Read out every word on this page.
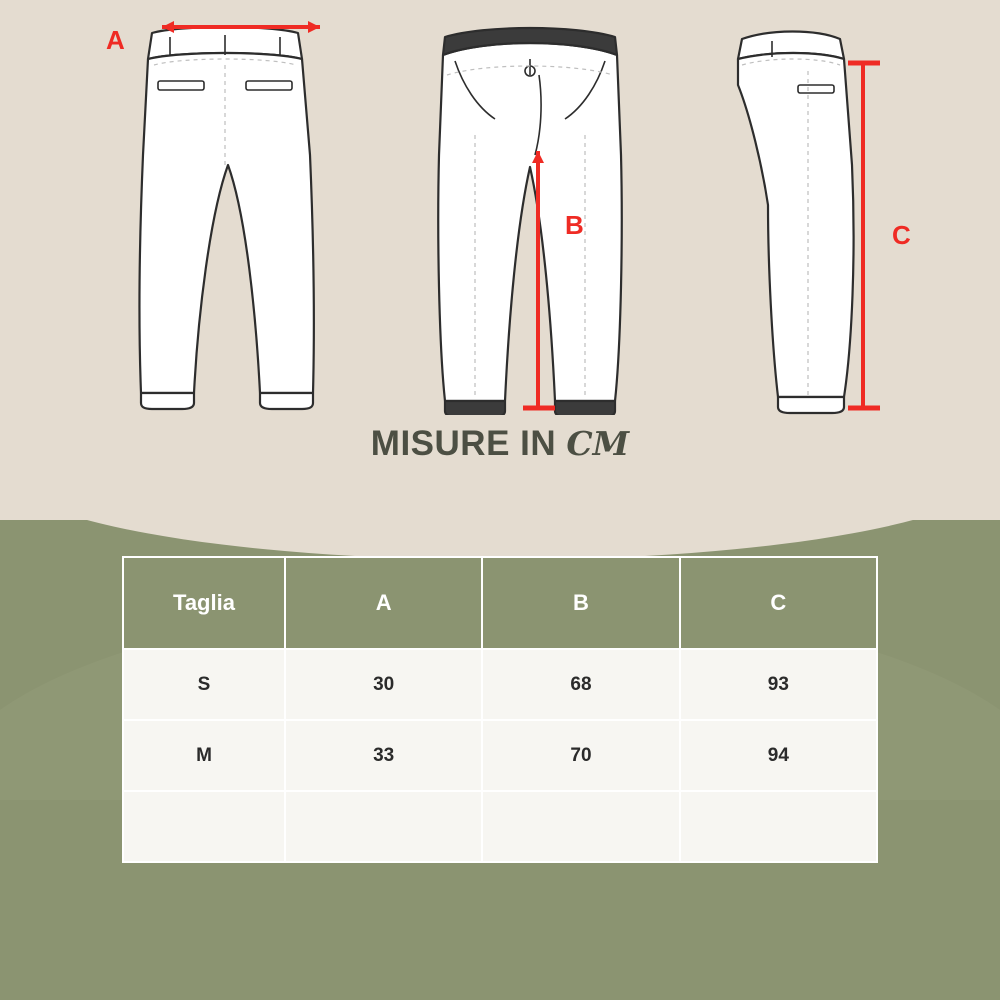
A
B	C
MISURE IN CM
Taglia	A	B	C
S	30	68	93
M	33	70	94
